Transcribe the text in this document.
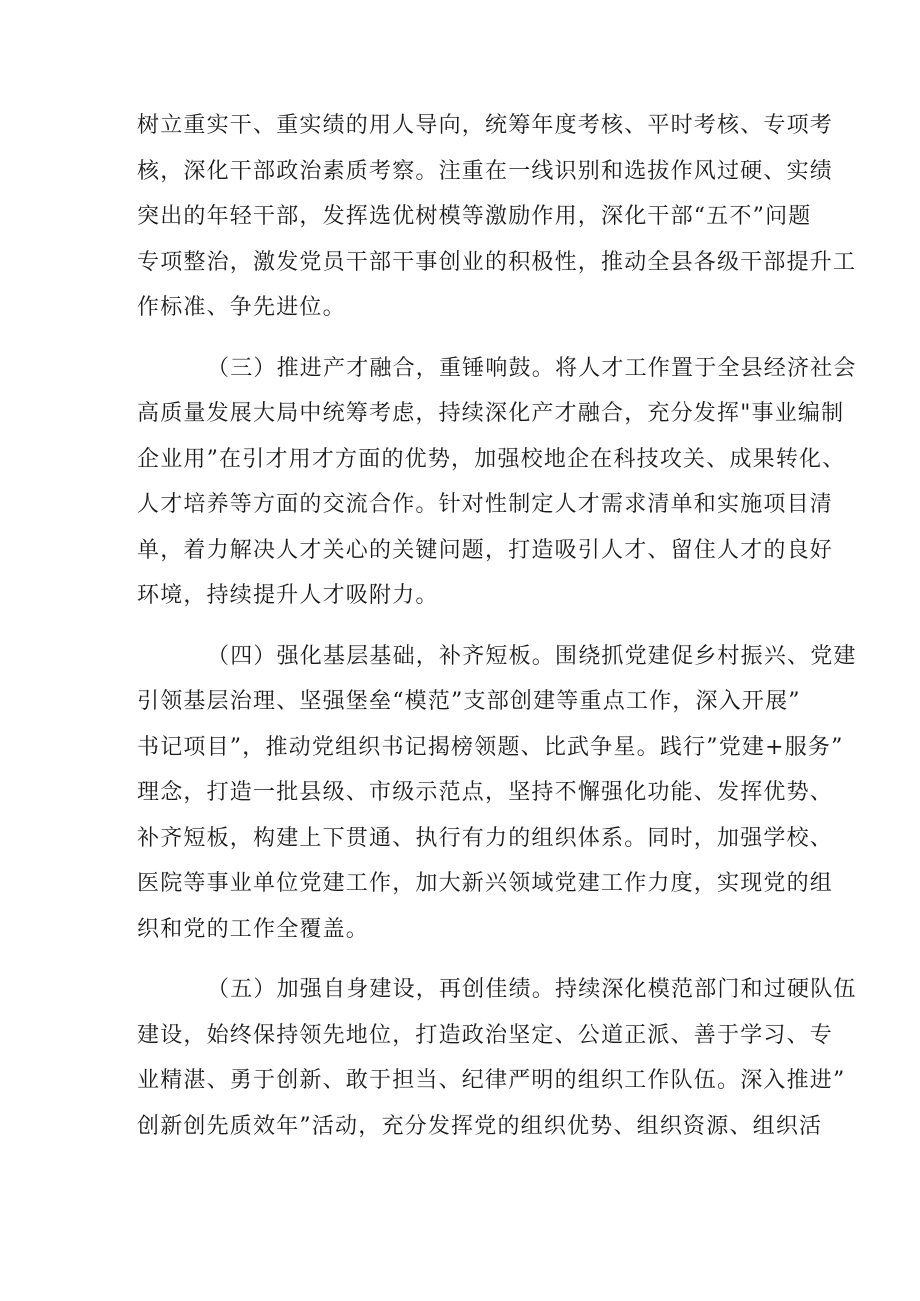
树立重实干、重实绩的用人导向，统筹年度考核、平时考核、专项考
核，深化干部政治素质考察。注重在一线识别和选拔作风过硬、实绩
突出的年轻干部，发挥选优树模等激励作用，深化干部“五不”问题
专项整治，激发党员干部干事创业的积极性，推动全县各级干部提升工
作标准、争先进位。
（三）推进产才融合，重锤响鼓。将人才工作置于全县经济社会
高质量发展大局中统筹考虑，持续深化产才融合，充分发挥"事业编制
企业用”在引才用才方面的优势，加强校地企在科技攻关、成果转化、
人才培养等方面的交流合作。针对性制定人才需求清单和实施项目清
单，着力解决人才关心的关键问题，打造吸引人才、留住人才的良好
环境，持续提升人才吸附力。
（四）强化基层基础，补齐短板。围绕抓党建促乡村振兴、党建
引领基层治理、坚强堡垒“模范”支部创建等重点工作，深入开展”
书记项目”，推动党组织书记揭榜领题、比武争星。践行”党建+服务”
理念，打造一批县级、市级示范点，坚持不懈强化功能、发挥优势、
补齐短板，构建上下贯通、执行有力的组织体系。同时，加强学校、
医院等事业单位党建工作，加大新兴领域党建工作力度，实现党的组
织和党的工作全覆盖。
（五）加强自身建设，再创佳绩。持续深化模范部门和过硬队伍
建设，始终保持领先地位，打造政治坚定、公道正派、善于学习、专
业精湛、勇于创新、敢于担当、纪律严明的组织工作队伍。深入推进”
创新创先质效年”活动，充分发挥党的组织优势、组织资源、组织活
